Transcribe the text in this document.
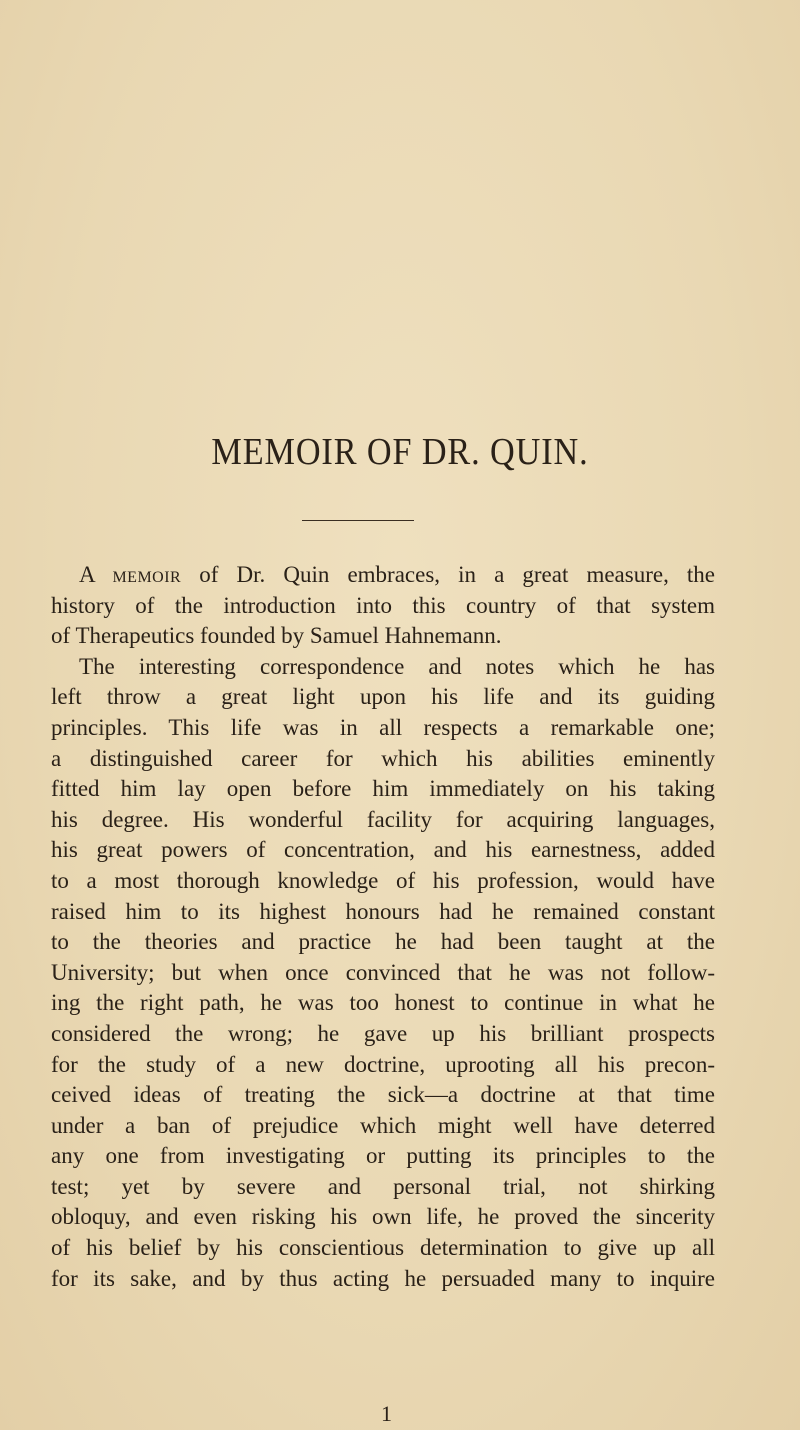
MEMOIR OF DR. QUIN.
A memoir of Dr. Quin embraces, in a great measure, the
history of the introduction into this country of that system
of Therapeutics founded by Samuel Hahnemann.
The interesting correspondence and notes which he has
left throw a great light upon his life and its guiding
principles. This life was in all respects a remarkable one;
a distinguished career for which his abilities eminently
fitted him lay open before him immediately on his taking
his degree. His wonderful facility for acquiring languages,
his great powers of concentration, and his earnestness, added
to a most thorough knowledge of his profession, would have
raised him to its highest honours had he remained constant
to the theories and practice he had been taught at the
University; but when once convinced that he was not follow-
ing the right path, he was too honest to continue in what he
considered the wrong; he gave up his brilliant prospects
for the study of a new doctrine, uprooting all his precon-
ceived ideas of treating the sick—a doctrine at that time
under a ban of prejudice which might well have deterred
any one from investigating or putting its principles to the
test; yet by severe and personal trial, not shirking
obloquy, and even risking his own life, he proved the sincerity
of his belief by his conscientious determination to give up all
for its sake, and by thus acting he persuaded many to inquire
1
